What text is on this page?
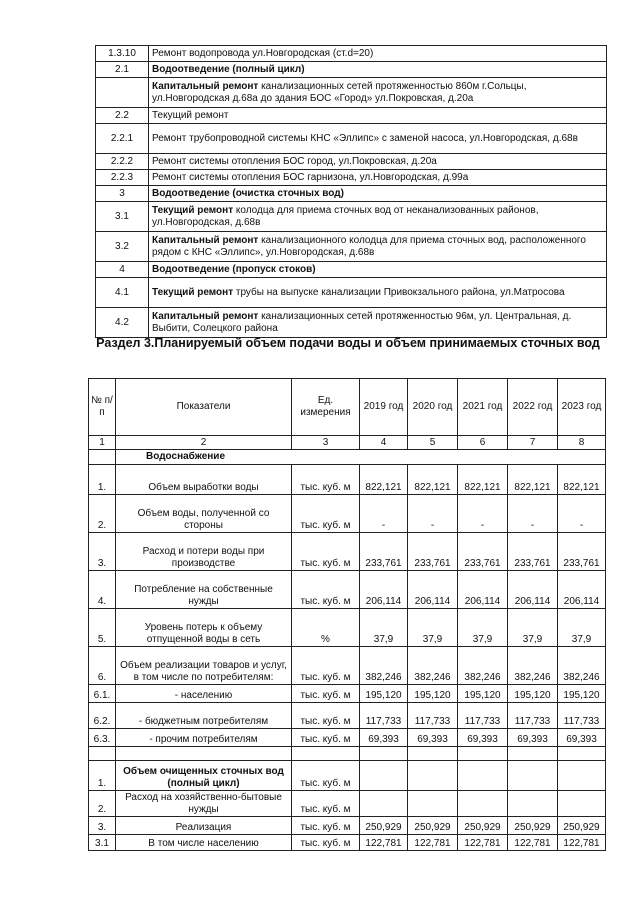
1.3.10	Ремонт водопровода ул.Новгородская (ст.d=20)
2.1	Водоотведение (полный цикл)
	Капитальный ремонт канализационных сетей протяженностью 860м г.Сольцы, ул.Новгородская д.68а до здания БОС «Город» ул.Покровская, д.20а
2.2	Текущий ремонт
2.2.1	Ремонт трубопроводной системы КНС «Эллипс» с заменой насоса, ул.Новгородская, д.68в
2.2.2	Ремонт системы отопления БОС город, ул.Покровская, д.20а
2.2.3	Ремонт системы отопления БОС гарнизона, ул.Новгородская, д.99а
3	Водоотведение (очистка сточных вод)
3.1	Текущий ремонт колодца для приема сточных вод от неканализованных районов, ул.Новгородская, д.68в
3.2	Капитальный ремонт канализационного колодца для приема сточных вод, расположенного рядом с КНС «Эллипс», ул.Новгородская, д.68в
4	Водоотведение (пропуск стоков)
4.1	Текущий ремонт трубы на выпуске канализации Привокзального района, ул.Матросова
4.2	Капитальный ремонт канализационных сетей протяженностью 96м, ул. Центральная, д. Выбити, Солецкого района
Раздел 3.Планируемый объем подачи воды и объем принимаемых сточных вод
№ п/п	Показатели	Ед. измерения	2019 год	2020 год	2021 год	2022 год	2023 год
1	2	3	4	5	6	7	8
	Водоснабжение						
1.	Объем выработки воды	тыс. куб. м	822,121	822,121	822,121	822,121	822,121
2.	Объем воды, полученной со стороны	тыс. куб. м	-	-	-	-	-
3.	Расход и потери воды при производстве	тыс. куб. м	233,761	233,761	233,761	233,761	233,761
4.	Потребление на собственные нужды	тыс. куб. м	206,114	206,114	206,114	206,114	206,114
5.	Уровень потерь к объему отпущенной воды в сеть	%	37,9	37,9	37,9	37,9	37,9
6.	Объем реализации товаров и услуг, в том числе по потребителям:	тыс. куб. м	382,246	382,246	382,246	382,246	382,246
6.1.	- населению	тыс. куб. м	195,120	195,120	195,120	195,120	195,120
6.2.	- бюджетным потребителям	тыс. куб. м	117,733	117,733	117,733	117,733	117,733
6.3.	- прочим потребителям	тыс. куб. м	69,393	69,393	69,393	69,393	69,393

1.	Объем очищенных сточных вод (полный цикл)	тыс. куб. м					
2.	Расход на хозяйственно-бытовые нужды	тыс. куб. м					
3.	Реализация	тыс. куб. м	250,929	250,929	250,929	250,929	250,929
3.1	В том числе населению	тыс. куб. м	122,781	122,781	122,781	122,781	122,781
